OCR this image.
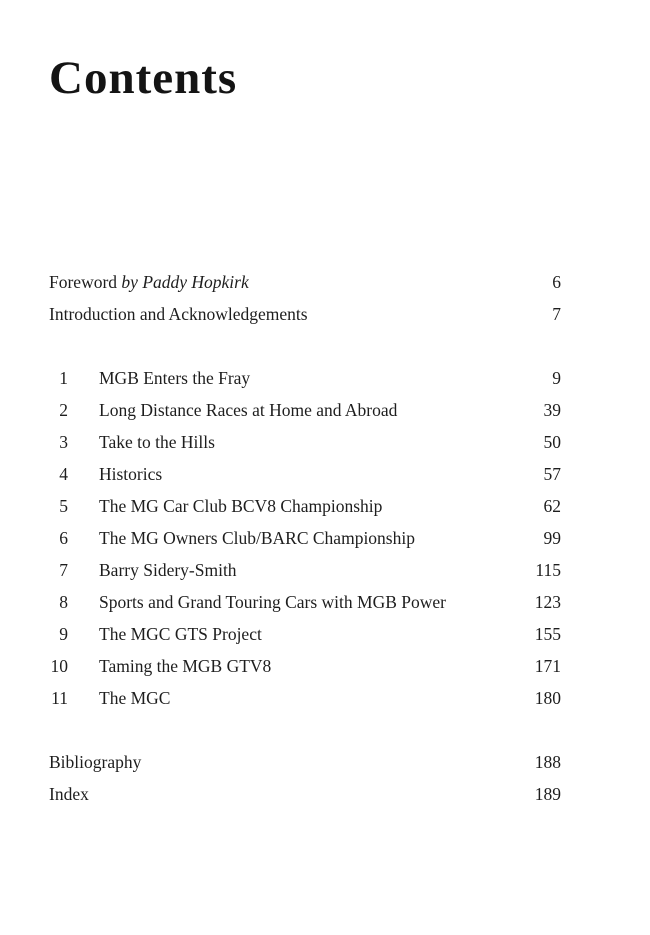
Contents
Foreword by Paddy Hopkirk	6
Introduction and Acknowledgements	7
1 MGB Enters the Fray	9
2 Long Distance Races at Home and Abroad	39
3 Take to the Hills	50
4 Historics	57
5 The MG Car Club BCV8 Championship	62
6 The MG Owners Club/BARC Championship	99
7 Barry Sidery-Smith	115
8 Sports and Grand Touring Cars with MGB Power	123
9 The MGC GTS Project	155
10 Taming the MGB GTV8	171
11 The MGC	180
Bibliography	188
Index	189
